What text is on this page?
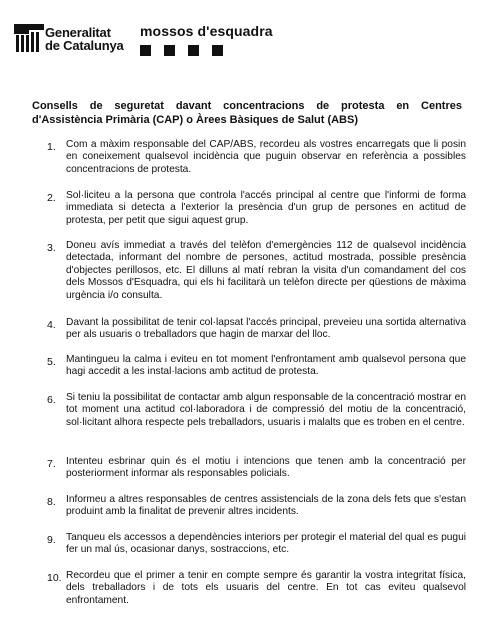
Generalitat
de Catalunya
mossos d'esquadra
Consells de seguretat davant concentracions de protesta en Centres d'Assistència Primària (CAP) o Àrees Bàsiques de Salut (ABS)
1.	Com a màxim responsable del CAP/ABS, recordeu als vostres encarregats que li posin en coneixement qualsevol incidència que puguin observar en referència a possibles concentracions de protesta.
2.	Sol·liciteu a la persona que controla l'accés principal al centre que l'informi de forma immediata si detecta a l'exterior la presència d'un grup de persones en actitud de protesta, per petit que sigui aquest grup.
3.	Doneu avís immediat a través del telèfon d'emergències 112 de qualsevol incidència detectada, informant del nombre de persones, actitud mostrada, possible presència d'objectes perillosos, etc. El dilluns al matí rebran la visita d'un comandament del cos dels Mossos d'Esquadra, qui els hi facilitarà un telèfon directe per qüestions de màxima urgència i/o consulta.
4.	Davant la possibilitat de tenir col·lapsat l'accés principal, preveieu una sortida alternativa per als usuaris o treballadors que hagin de marxar del lloc.
5.	Mantingueu la calma i eviteu en tot moment l'enfrontament amb qualsevol persona que hagi accedit a les instal·lacions amb actitud de protesta.
6.	Si teniu la possibilitat de contactar amb algun responsable de la concentració mostrar en tot moment una actitud col·laboradora i de compressió del motiu de la concentració, sol·licitant alhora respecte pels treballadors, usuaris i malalts que es troben en el centre.
7.	Intenteu esbrinar quin és el motiu i intencions que tenen amb la concentració per posteriorment informar als responsables policials.
8.	Informeu a altres responsables de centres assistencials de la zona dels fets que s'estan produint amb la finalitat de prevenir altres incidents.
9.	Tanqueu els accessos a dependències interiors per protegir el material del qual es pugui fer un mal ús, ocasionar danys, sostraccions, etc.
10. Recordeu que el primer a tenir en compte sempre és garantir la vostra integritat física, dels treballadors i de tots els usuaris del centre. En tot cas eviteu qualsevol enfrontament.
